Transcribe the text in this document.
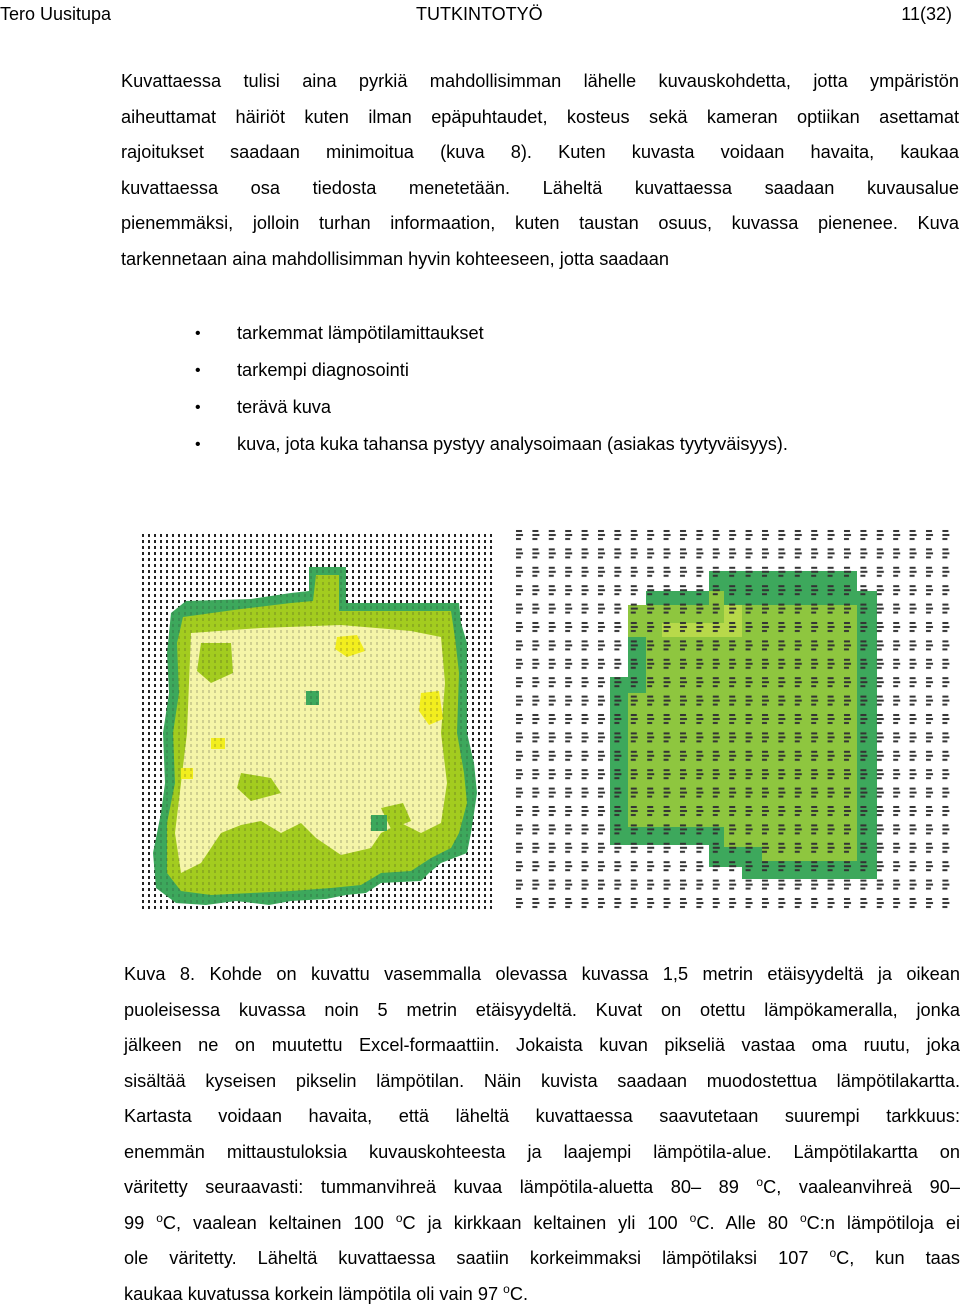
Tero Uusitupa	TUTKINTOTYÖ	11(32)
Kuvattaessa tulisi aina pyrkiä mahdollisimman lähelle kuvauskohdetta, jotta ympäristön
aiheuttamat häiriöt kuten ilman epäpuhtaudet, kosteus sekä kameran optiikan asettamat
rajoitukset saadaan minimoitua (kuva 8). Kuten kuvasta voidaan havaita, kaukaa
kuvattaessa osa tiedosta menetetään. Läheltä kuvattaessa saadaan kuvausalue
pienemmäksi, jolloin turhan informaation, kuten taustan osuus, kuvassa pienenee. Kuva
tarkennetaan aina mahdollisimman hyvin kohteeseen, jotta saadaan
• tarkemmat lämpötilamittaukset
• tarkempi diagnosointi
• terävä kuva
• kuva, jota kuka tahansa pystyy analysoimaan (asiakas tyytyväisyys).
Kuva 8. Kohde on kuvattu vasemmalla olevassa kuvassa 1,5 metrin etäisyydeltä ja oikean
puoleisessa kuvassa noin 5 metrin etäisyydeltä. Kuvat on otettu lämpökameralla, jonka
jälkeen ne on muutettu Excel-formaattiin. Jokaista kuvan pikseliä vastaa oma ruutu, joka
sisältää kyseisen pikselin lämpötilan. Näin kuvista saadaan muodostettua lämpötilakartta.
Kartasta voidaan havaita, että läheltä kuvattaessa saavutetaan suurempi tarkkuus:
enemmän mittaustuloksia kuvauskohteesta ja laajempi lämpötila-alue. Lämpötilakartta on
väritetty seuraavasti: tummanvihreä kuvaa lämpötila-aluetta 80– 89 $^o$C, vaaleanvihreä 90–
99 $^o$C, vaalean keltainen 100 $^o$C ja kirkkaan keltainen yli 100 $^o$C. Alle 80 $^o$C:n lämpötiloja ei
ole väritetty. Läheltä kuvattaessa saatiin korkeimmaksi lämpötilaksi 107 $^o$C, kun taas
kaukaa kuvatussa korkein lämpötila oli vain 97 $^o$C.
